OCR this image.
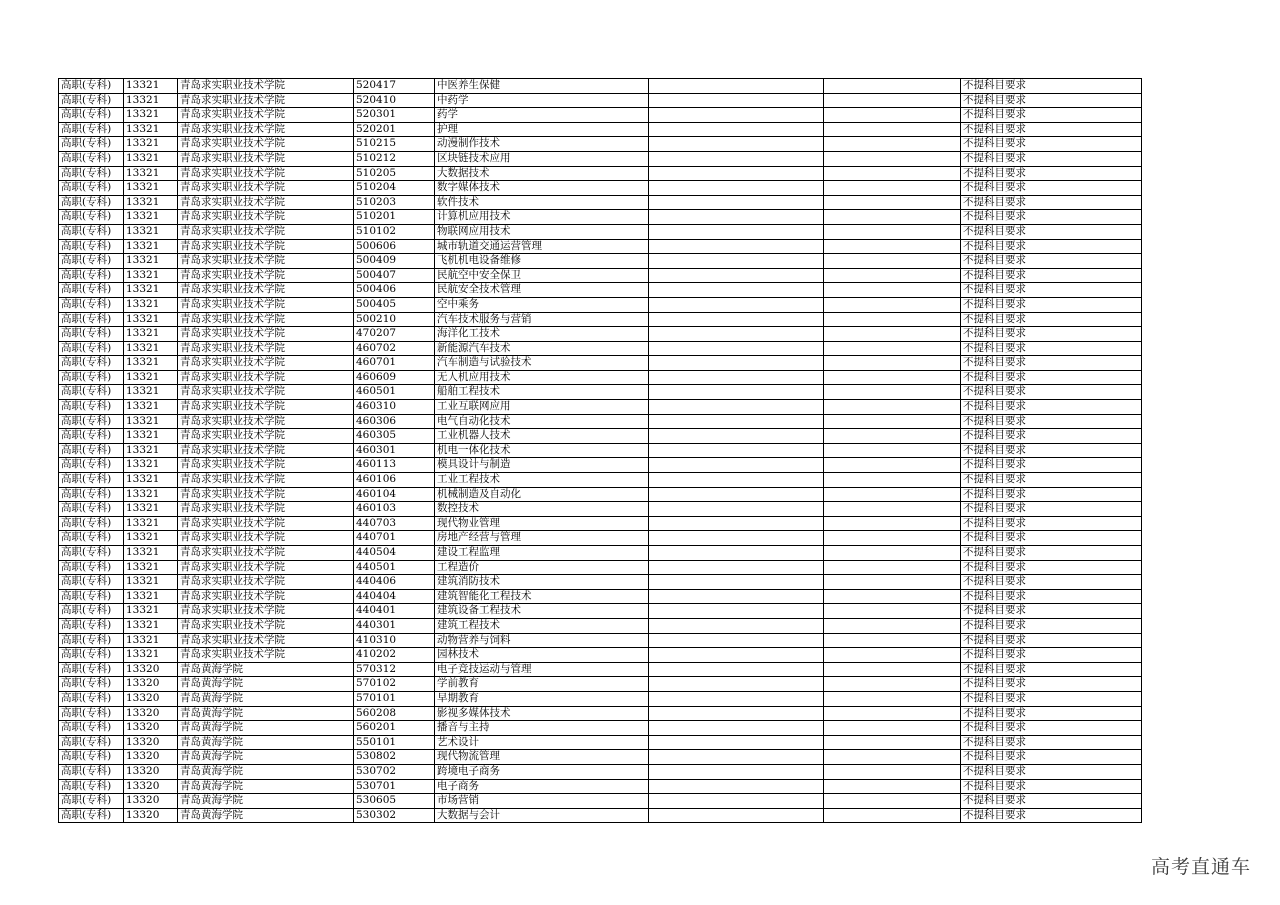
高职(专科)	13321	青岛求实职业技术学院	520417	中医养生保健			不提科目要求
高职(专科)	13321	青岛求实职业技术学院	520410	中药学			不提科目要求
高职(专科)	13321	青岛求实职业技术学院	520301	药学			不提科目要求
高职(专科)	13321	青岛求实职业技术学院	520201	护理			不提科目要求
高职(专科)	13321	青岛求实职业技术学院	510215	动漫制作技术			不提科目要求
高职(专科)	13321	青岛求实职业技术学院	510212	区块链技术应用			不提科目要求
高职(专科)	13321	青岛求实职业技术学院	510205	大数据技术			不提科目要求
高职(专科)	13321	青岛求实职业技术学院	510204	数字媒体技术			不提科目要求
高职(专科)	13321	青岛求实职业技术学院	510203	软件技术			不提科目要求
高职(专科)	13321	青岛求实职业技术学院	510201	计算机应用技术			不提科目要求
高职(专科)	13321	青岛求实职业技术学院	510102	物联网应用技术			不提科目要求
高职(专科)	13321	青岛求实职业技术学院	500606	城市轨道交通运营管理			不提科目要求
高职(专科)	13321	青岛求实职业技术学院	500409	飞机机电设备维修			不提科目要求
高职(专科)	13321	青岛求实职业技术学院	500407	民航空中安全保卫			不提科目要求
高职(专科)	13321	青岛求实职业技术学院	500406	民航安全技术管理			不提科目要求
高职(专科)	13321	青岛求实职业技术学院	500405	空中乘务			不提科目要求
高职(专科)	13321	青岛求实职业技术学院	500210	汽车技术服务与营销			不提科目要求
高职(专科)	13321	青岛求实职业技术学院	470207	海洋化工技术			不提科目要求
高职(专科)	13321	青岛求实职业技术学院	460702	新能源汽车技术			不提科目要求
高职(专科)	13321	青岛求实职业技术学院	460701	汽车制造与试验技术			不提科目要求
高职(专科)	13321	青岛求实职业技术学院	460609	无人机应用技术			不提科目要求
高职(专科)	13321	青岛求实职业技术学院	460501	船舶工程技术			不提科目要求
高职(专科)	13321	青岛求实职业技术学院	460310	工业互联网应用			不提科目要求
高职(专科)	13321	青岛求实职业技术学院	460306	电气自动化技术			不提科目要求
高职(专科)	13321	青岛求实职业技术学院	460305	工业机器人技术			不提科目要求
高职(专科)	13321	青岛求实职业技术学院	460301	机电一体化技术			不提科目要求
高职(专科)	13321	青岛求实职业技术学院	460113	模具设计与制造			不提科目要求
高职(专科)	13321	青岛求实职业技术学院	460106	工业工程技术			不提科目要求
高职(专科)	13321	青岛求实职业技术学院	460104	机械制造及自动化			不提科目要求
高职(专科)	13321	青岛求实职业技术学院	460103	数控技术			不提科目要求
高职(专科)	13321	青岛求实职业技术学院	440703	现代物业管理			不提科目要求
高职(专科)	13321	青岛求实职业技术学院	440701	房地产经营与管理			不提科目要求
高职(专科)	13321	青岛求实职业技术学院	440504	建设工程监理			不提科目要求
高职(专科)	13321	青岛求实职业技术学院	440501	工程造价			不提科目要求
高职(专科)	13321	青岛求实职业技术学院	440406	建筑消防技术			不提科目要求
高职(专科)	13321	青岛求实职业技术学院	440404	建筑智能化工程技术			不提科目要求
高职(专科)	13321	青岛求实职业技术学院	440401	建筑设备工程技术			不提科目要求
高职(专科)	13321	青岛求实职业技术学院	440301	建筑工程技术			不提科目要求
高职(专科)	13321	青岛求实职业技术学院	410310	动物营养与饲料			不提科目要求
高职(专科)	13321	青岛求实职业技术学院	410202	园林技术			不提科目要求
高职(专科)	13320	青岛黄海学院	570312	电子竞技运动与管理			不提科目要求
高职(专科)	13320	青岛黄海学院	570102	学前教育			不提科目要求
高职(专科)	13320	青岛黄海学院	570101	早期教育			不提科目要求
高职(专科)	13320	青岛黄海学院	560208	影视多媒体技术			不提科目要求
高职(专科)	13320	青岛黄海学院	560201	播音与主持			不提科目要求
高职(专科)	13320	青岛黄海学院	550101	艺术设计			不提科目要求
高职(专科)	13320	青岛黄海学院	530802	现代物流管理			不提科目要求
高职(专科)	13320	青岛黄海学院	530702	跨境电子商务			不提科目要求
高职(专科)	13320	青岛黄海学院	530701	电子商务			不提科目要求
高职(专科)	13320	青岛黄海学院	530605	市场营销			不提科目要求
高职(专科)	13320	青岛黄海学院	530302	大数据与会计			不提科目要求
高考直通车
